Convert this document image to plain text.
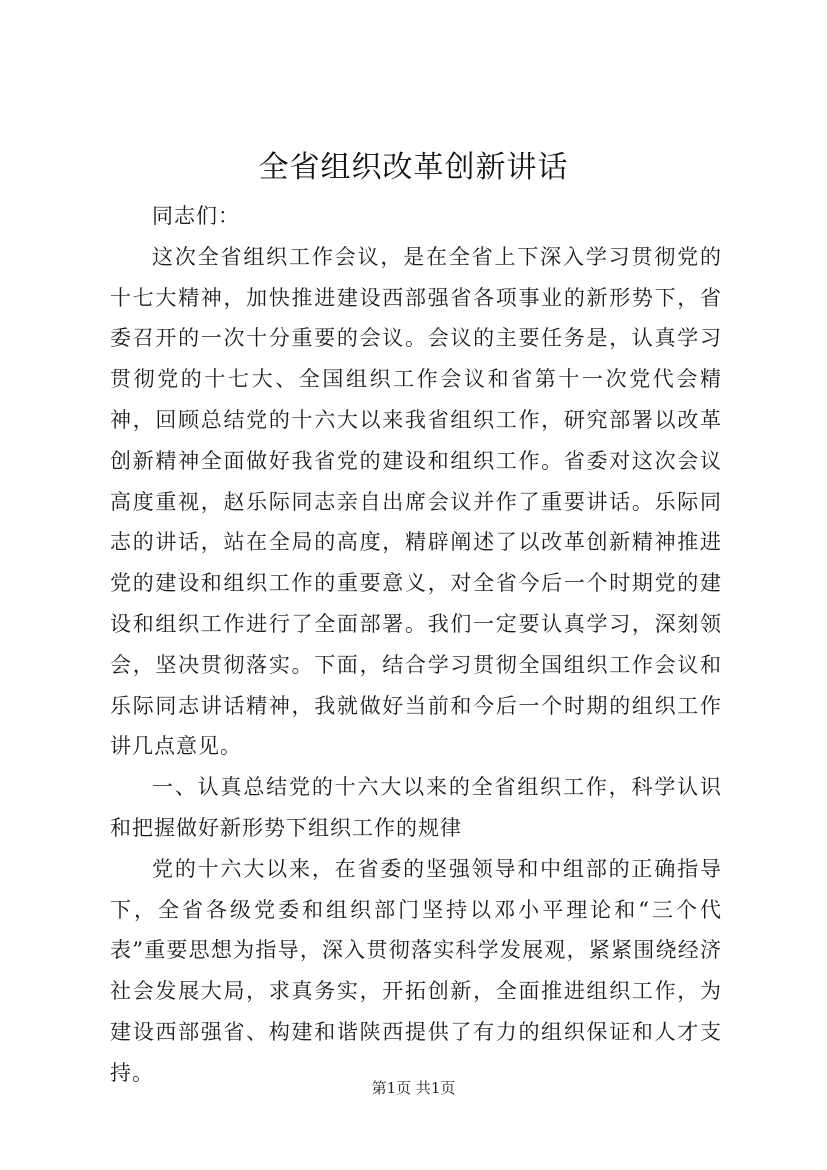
全省组织改革创新讲话

同志们：

这次全省组织工作会议，是在全省上下深入学习贯彻党的十七大精神，加快推进建设西部强省各项事业的新形势下，省委召开的一次十分重要的会议。会议的主要任务是，认真学习贯彻党的十七大、全国组织工作会议和省第十一次党代会精神，回顾总结党的十六大以来我省组织工作，研究部署以改革创新精神全面做好我省党的建设和组织工作。省委对这次会议高度重视，赵乐际同志亲自出席会议并作了重要讲话。乐际同志的讲话，站在全局的高度，精辟阐述了以改革创新精神推进党的建设和组织工作的重要意义，对全省今后一个时期党的建设和组织工作进行了全面部署。我们一定要认真学习，深刻领会，坚决贯彻落实。下面，结合学习贯彻全国组织工作会议和乐际同志讲话精神，我就做好当前和今后一个时期的组织工作讲几点意见。

一、认真总结党的十六大以来的全省组织工作，科学认识和把握做好新形势下组织工作的规律

党的十六大以来，在省委的坚强领导和中组部的正确指导下，全省各级党委和组织部门坚持以邓小平理论和“三个代表”重要思想为指导，深入贯彻落实科学发展观，紧紧围绕经济社会发展大局，求真务实，开拓创新，全面推进组织工作，为建设西部强省、构建和谐陕西提供了有力的组织保证和人才支持。

第1页 共1页
